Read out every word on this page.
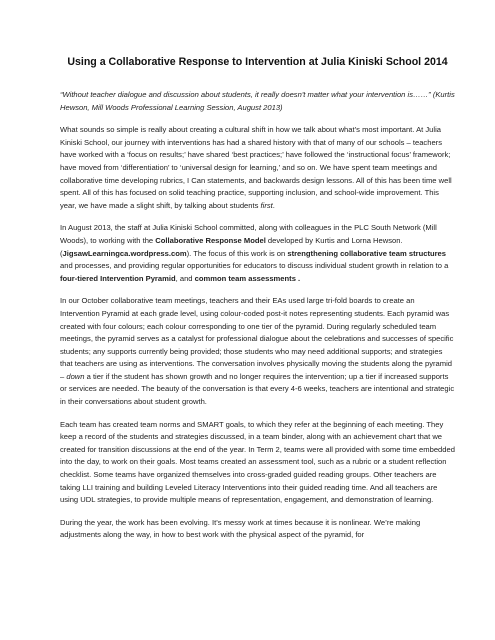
Using a Collaborative Response to Intervention at Julia Kiniski School 2014

“Without teacher dialogue and discussion about students, it really doesn't matter what your intervention is……” (Kurtis Hewson, Mill Woods Professional Learning Session, August 2013)

What sounds so simple is really about creating a cultural shift in how we talk about what’s most important. At Julia Kiniski School, our journey with interventions has had a shared history with that of many of our schools – teachers have worked with a ‘focus on results;’ have shared ‘best practices;’ have followed the ‘instructional focus’ framework; have moved from ‘differentiation’ to ‘universal design for learning,’ and so on. We have spent team meetings and collaborative time developing rubrics, I Can statements, and backwards design lessons. All of this has been time well spent. All of this has focused on solid teaching practice, supporting inclusion, and school-wide improvement. This year, we have made a slight shift, by talking about students first.

In August 2013, the staff at Julia Kiniski School committed, along with colleagues in the PLC South Network (Mill Woods), to working with the Collaborative Response Model developed by Kurtis and Lorna Hewson. (JigsawLearningca.wordpress.com). The focus of this work is on strengthening collaborative team structures and processes, and providing regular opportunities for educators to discuss individual student growth in relation to a four-tiered Intervention Pyramid, and common team assessments .

In our October collaborative team meetings, teachers and their EAs used large tri-fold boards to create an Intervention Pyramid at each grade level, using colour-coded post-it notes representing students. Each pyramid was created with four colours; each colour corresponding to one tier of the pyramid. During regularly scheduled team meetings, the pyramid serves as a catalyst for professional dialogue about the celebrations and successes of specific students; any supports currently being provided; those students who may need additional supports; and strategies that teachers are using as interventions. The conversation involves physically moving the students along the pyramid – down a tier if the student has shown growth and no longer requires the intervention; up a tier if increased supports or services are needed. The beauty of the conversation is that every 4-6 weeks, teachers are intentional and strategic in their conversations about student growth.

Each team has created team norms and SMART goals, to which they refer at the beginning of each meeting. They keep a record of the students and strategies discussed, in a team binder, along with an achievement chart that we created for transition discussions at the end of the year. In Term 2, teams were all provided with some time embedded into the day, to work on their goals. Most teams created an assessment tool, such as a rubric or a student reflection checklist. Some teams have organized themselves into cross-graded guided reading groups. Other teachers are taking LLI training and building Leveled Literacy Interventions into their guided reading time. And all teachers are using UDL strategies, to provide multiple means of representation, engagement, and demonstration of learning.

During the year, the work has been evolving. It’s messy work at times because it is nonlinear. We’re making adjustments along the way, in how to best work with the physical aspect of the pyramid, for
